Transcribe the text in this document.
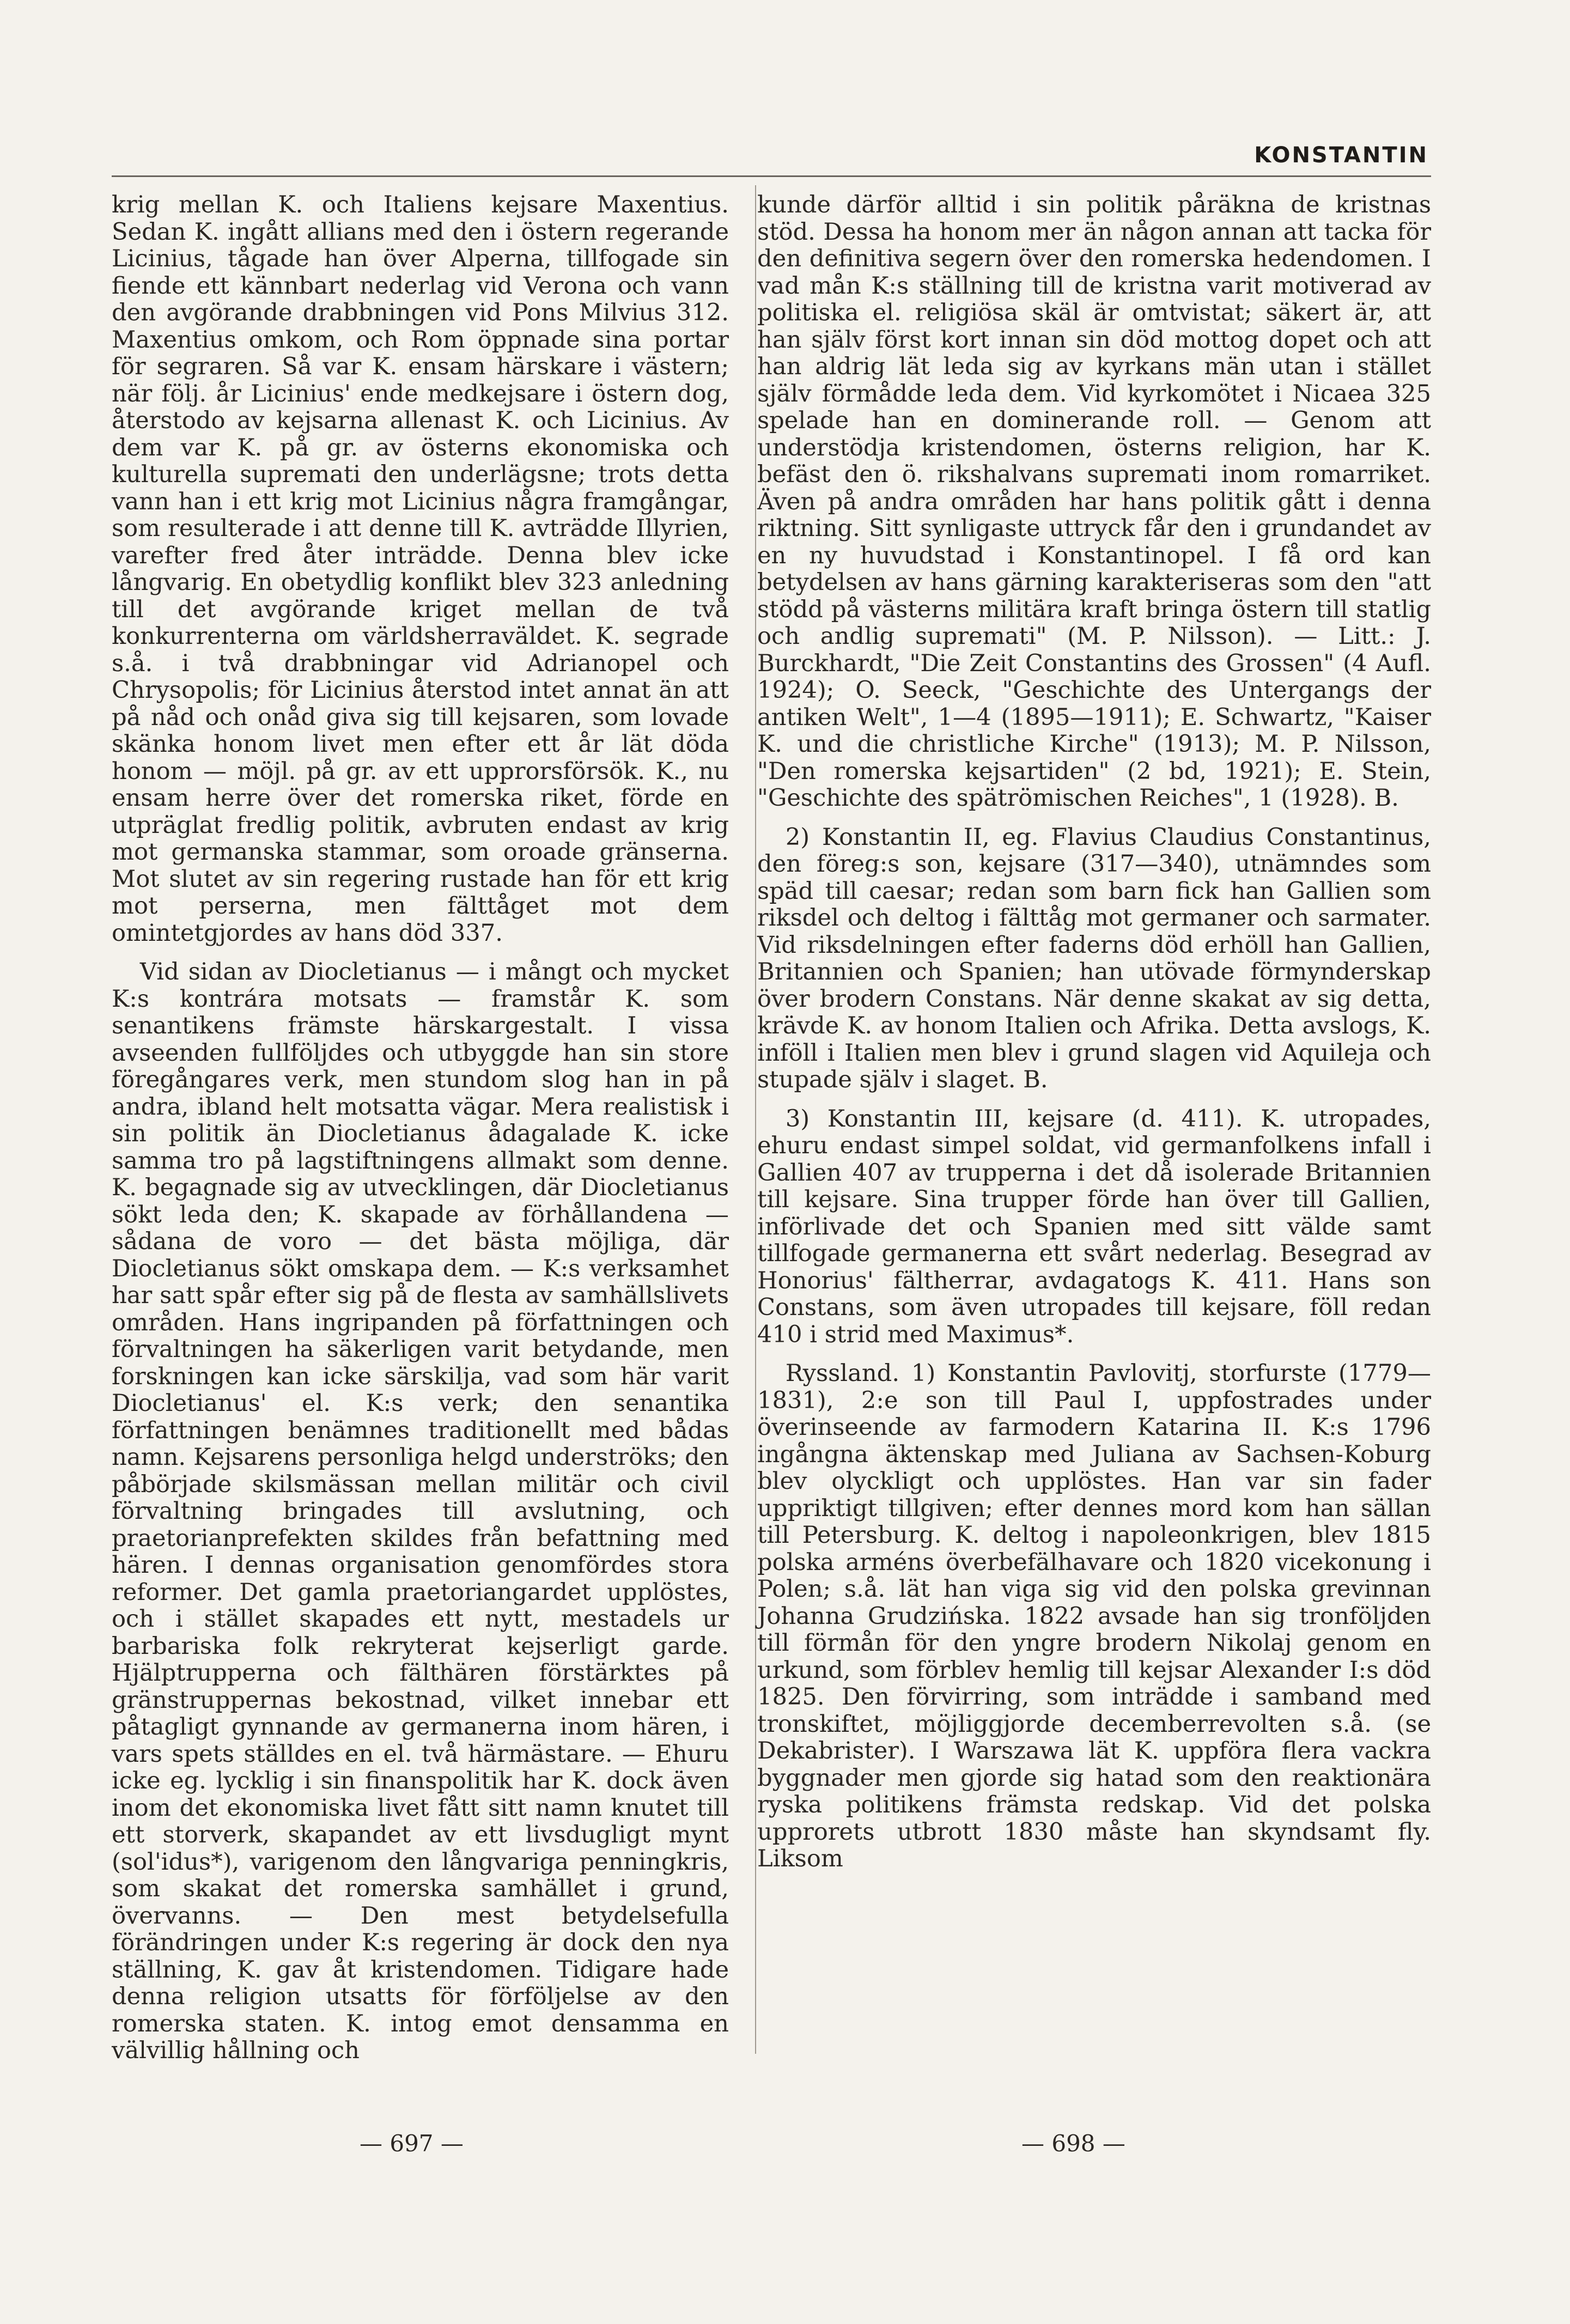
KONSTANTIN

krig mellan K. och Italiens kejsare Maxentius. Sedan K. ingått allians med den i östern regerande Licinius, tågade han över Alperna, tillfogade sin fiende ett kännbart nederlag vid Verona och vann den avgörande drabbningen vid Pons Milvius 312. Maxentius omkom, och Rom öppnade sina portar för segraren. Så var K. ensam härskare i västern; när följ. år Licinius' ende medkejsare i östern dog, återstodo av kejsarna allenast K. och Licinius. Av dem var K. på gr. av österns ekonomiska och kulturella supremati den underlägsne; trots detta vann han i ett krig mot Licinius några framgångar, som resulterade i att denne till K. avträdde Illyrien, varefter fred åter inträdde. Denna blev icke långvarig. En obetydlig konflikt blev 323 anledning till det avgörande kriget mellan de två konkurrenterna om världsherraväldet. K. segrade s.å. i två drabbningar vid Adrianopel och Chrysopolis; för Licinius återstod intet annat än att på nåd och onåd giva sig till kejsaren, som lovade skänka honom livet men efter ett år lät döda honom — möjl. på gr. av ett upprorsförsök. K., nu ensam herre över det romerska riket, förde en utpräglat fredlig politik, avbruten endast av krig mot germanska stammar, som oroade gränserna. Mot slutet av sin regering rustade han för ett krig mot perserna, men fälttåget mot dem omintetgjordes av hans död 337.

Vid sidan av Diocletianus — i mångt och mycket K:s kontrára motsats — framstår K. som senantikens främste härskargestalt. I vissa avseenden fullföljdes och utbyggde han sin store föregångares verk, men stundom slog han in på andra, ibland helt motsatta vägar. Mera realistisk i sin politik än Diocletianus ådagalade K. icke samma tro på lagstiftningens allmakt som denne. K. begagnade sig av utvecklingen, där Diocletianus sökt leda den; K. skapade av förhållandena — sådana de voro — det bästa möjliga, där Diocletianus sökt omskapa dem. — K:s verksamhet har satt spår efter sig på de flesta av samhällslivets områden. Hans ingripanden på författningen och förvaltningen ha säkerligen varit betydande, men forskningen kan icke särskilja, vad som här varit Diocletianus' el. K:s verk; den senantika författningen benämnes traditionellt med bådas namn. Kejsarens personliga helgd underströks; den påbörjade skilsmässan mellan militär och civil förvaltning bringades till avslutning, och praetorianprefekten skildes från befattning med hären. I dennas organisation genomfördes stora reformer. Det gamla praetoriangardet upplöstes, och i stället skapades ett nytt, mestadels ur barbariska folk rekryterat kejserligt garde. Hjälptrupperna och fälthären förstärktes på gränstruppernas bekostnad, vilket innebar ett påtagligt gynnande av germanerna inom hären, i vars spets ställdes en el. två härmästare. — Ehuru icke eg. lycklig i sin finanspolitik har K. dock även inom det ekonomiska livet fått sitt namn knutet till ett storverk, skapandet av ett livsdugligt mynt (sol'idus*), varigenom den långvariga penningkris, som skakat det romerska samhället i grund, övervanns. — Den mest betydelsefulla förändringen under K:s regering är dock den nya ställning, K. gav åt kristendomen. Tidigare hade denna religion utsatts för förföljelse av den romerska staten. K. intog emot densamma en välvillig hållning och

kunde därför alltid i sin politik påräkna de kristnas stöd. Dessa ha honom mer än någon annan att tacka för den definitiva segern över den romerska hedendomen. I vad mån K:s ställning till de kristna varit motiverad av politiska el. religiösa skäl är omtvistat; säkert är, att han själv först kort innan sin död mottog dopet och att han aldrig lät leda sig av kyrkans män utan i stället själv förmådde leda dem. Vid kyrkomötet i Nicaea 325 spelade han en dominerande roll. — Genom att understödja kristendomen, österns religion, har K. befäst den ö. rikshalvans supremati inom romarriket. Även på andra områden har hans politik gått i denna riktning. Sitt synligaste uttryck får den i grundandet av en ny huvudstad i Konstantinopel. I få ord kan betydelsen av hans gärning karakteriseras som den "att stödd på västerns militära kraft bringa östern till statlig och andlig supremati" (M. P. Nilsson). — Litt.: J. Burckhardt, "Die Zeit Constantins des Grossen" (4 Aufl. 1924); O. Seeck, "Geschichte des Untergangs der antiken Welt", 1—4 (1895—1911); E. Schwartz, "Kaiser K. und die christliche Kirche" (1913); M. P. Nilsson, "Den romerska kejsartiden" (2 bd, 1921); E. Stein, "Geschichte des spätrömischen Reiches", 1 (1928). B.

2) Konstantin II, eg. Flavius Claudius Constantinus, den föreg:s son, kejsare (317—340), utnämndes som späd till caesar; redan som barn fick han Gallien som riksdel och deltog i fälttåg mot germaner och sarmater. Vid riksdelningen efter faderns död erhöll han Gallien, Britannien och Spanien; han utövade förmynderskap över brodern Constans. När denne skakat av sig detta, krävde K. av honom Italien och Afrika. Detta avslogs, K. inföll i Italien men blev i grund slagen vid Aquileja och stupade själv i slaget. B.

3) Konstantin III, kejsare (d. 411). K. utropades, ehuru endast simpel soldat, vid germanfolkens infall i Gallien 407 av trupperna i det då isolerade Britannien till kejsare. Sina trupper förde han över till Gallien, införlivade det och Spanien med sitt välde samt tillfogade germanerna ett svårt nederlag. Besegrad av Honorius' fältherrar, avdagatogs K. 411. Hans son Constans, som även utropades till kejsare, föll redan 410 i strid med Maximus*.

Ryssland. 1) Konstantin Pavlovitj, storfurste (1779—1831), 2:e son till Paul I, uppfostrades under överinseende av farmodern Katarina II. K:s 1796 ingångna äktenskap med Juliana av Sachsen-Koburg blev olyckligt och upplöstes. Han var sin fader uppriktigt tillgiven; efter dennes mord kom han sällan till Petersburg. K. deltog i napoleonkrigen, blev 1815 polska arméns överbefälhavare och 1820 vicekonung i Polen; s.å. lät han viga sig vid den polska grevinnan Johanna Grudzińska. 1822 avsade han sig tronföljden till förmån för den yngre brodern Nikolaj genom en urkund, som förblev hemlig till kejsar Alexander I:s död 1825. Den förvirring, som inträdde i samband med tronskiftet, möjliggjorde decemberrevolten s.å. (se Dekabrister). I Warszawa lät K. uppföra flera vackra byggnader men gjorde sig hatad som den reaktionära ryska politikens främsta redskap. Vid det polska upprorets utbrott 1830 måste han skyndsamt fly. Liksom

— 697 —	— 698 —
